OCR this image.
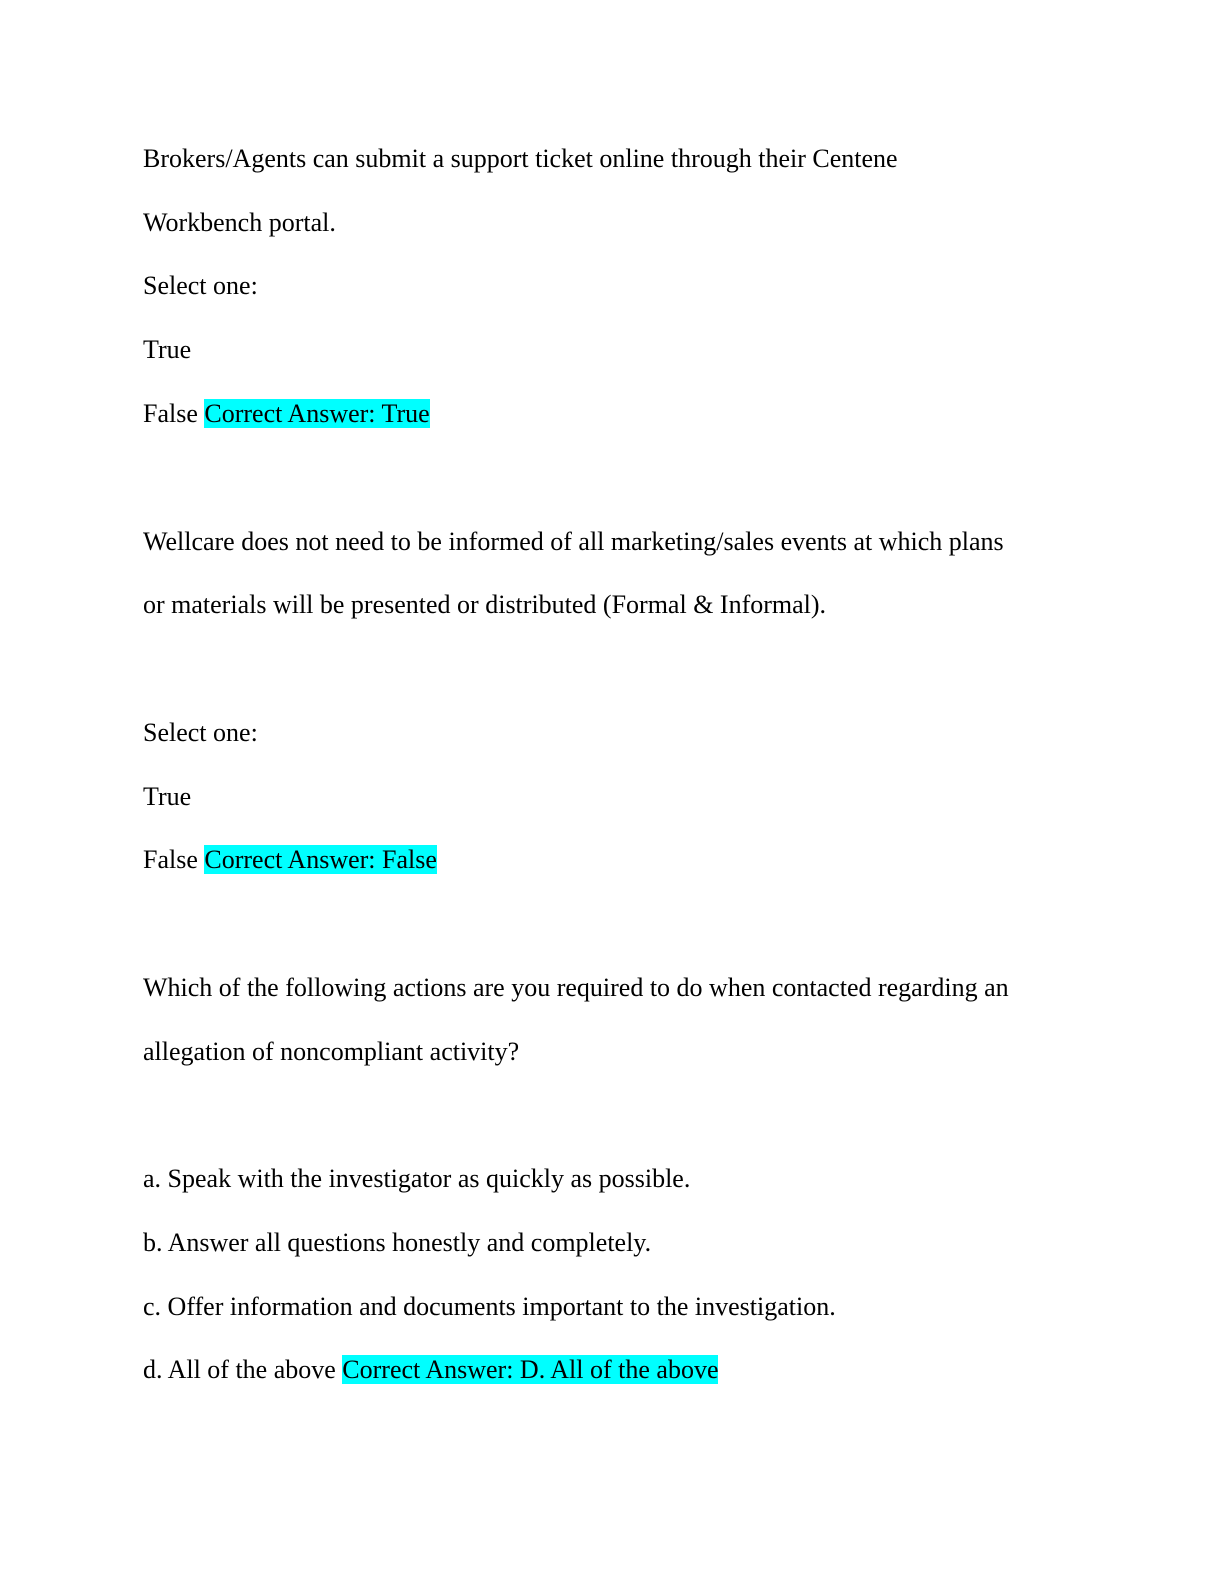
Brokers/Agents can submit a support ticket online through their Centene
Workbench portal.
Select one:
True
False Correct Answer: True
Wellcare does not need to be informed of all marketing/sales events at which plans
or materials will be presented or distributed (Formal & Informal).
Select one:
True
False Correct Answer: False
Which of the following actions are you required to do when contacted regarding an
allegation of noncompliant activity?
a. Speak with the investigator as quickly as possible.
b. Answer all questions honestly and completely.
c. Offer information and documents important to the investigation.
d. All of the above Correct Answer: D. All of the above
